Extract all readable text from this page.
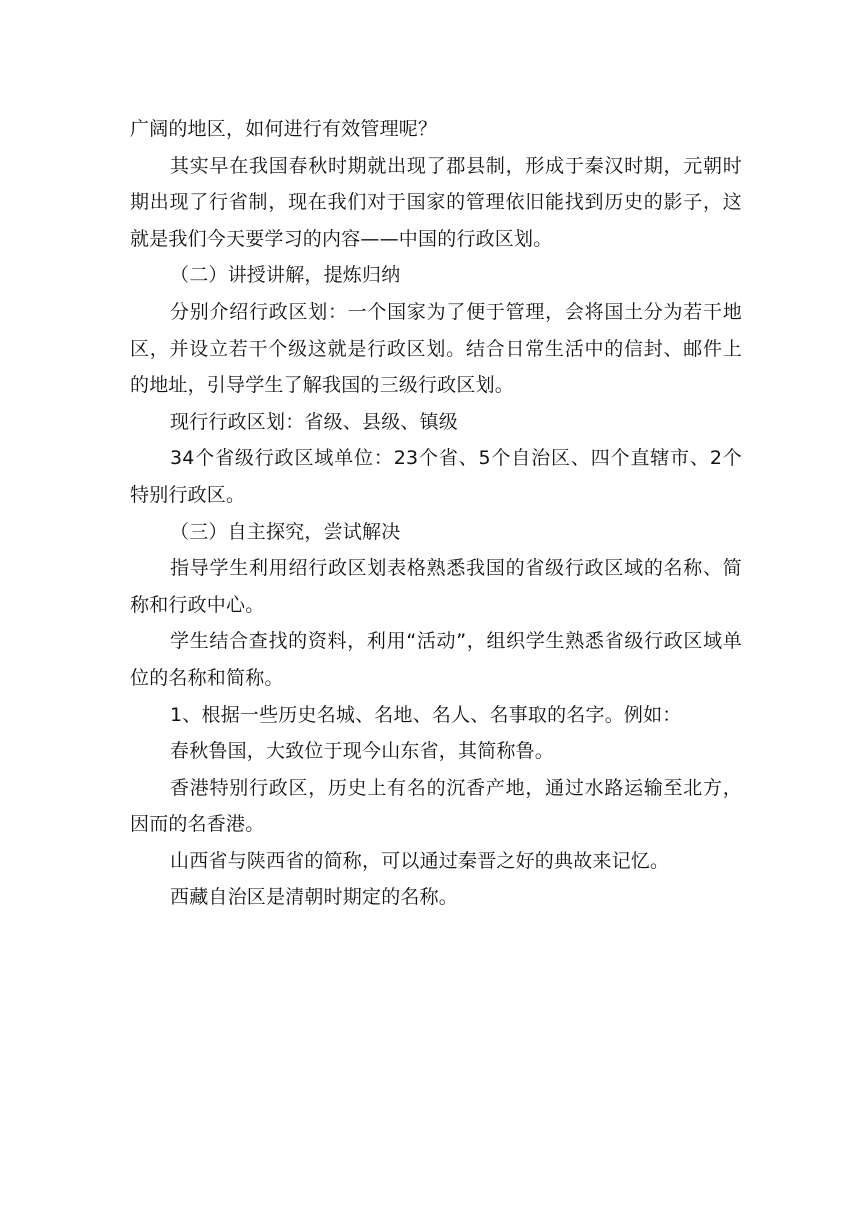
广阔的地区，如何进行有效管理呢？

其实早在我国春秋时期就出现了郡县制，形成于秦汉时期，元朝时期出现了行省制，现在我们对于国家的管理依旧能找到历史的影子，这就是我们今天要学习的内容——中国的行政区划。

（二）讲授讲解，提炼归纳

分别介绍行政区划：一个国家为了便于管理，会将国土分为若干地区，并设立若干个级这就是行政区划。结合日常生活中的信封、邮件上的地址，引导学生了解我国的三级行政区划。

现行行政区划：省级、县级、镇级

34个省级行政区域单位：23个省、5个自治区、四个直辖市、2个特别行政区。

（三）自主探究，尝试解决

指导学生利用绍行政区划表格熟悉我国的省级行政区域的名称、简称和行政中心。

学生结合查找的资料，利用“活动”，组织学生熟悉省级行政区域单位的名称和简称。

1、根据一些历史名城、名地、名人、名事取的名字。例如：

春秋鲁国，大致位于现今山东省，其简称鲁。

香港特别行政区，历史上有名的沉香产地，通过水路运输至北方，因而的名香港。

山西省与陕西省的简称，可以通过秦晋之好的典故来记忆。

西藏自治区是清朝时期定的名称。
